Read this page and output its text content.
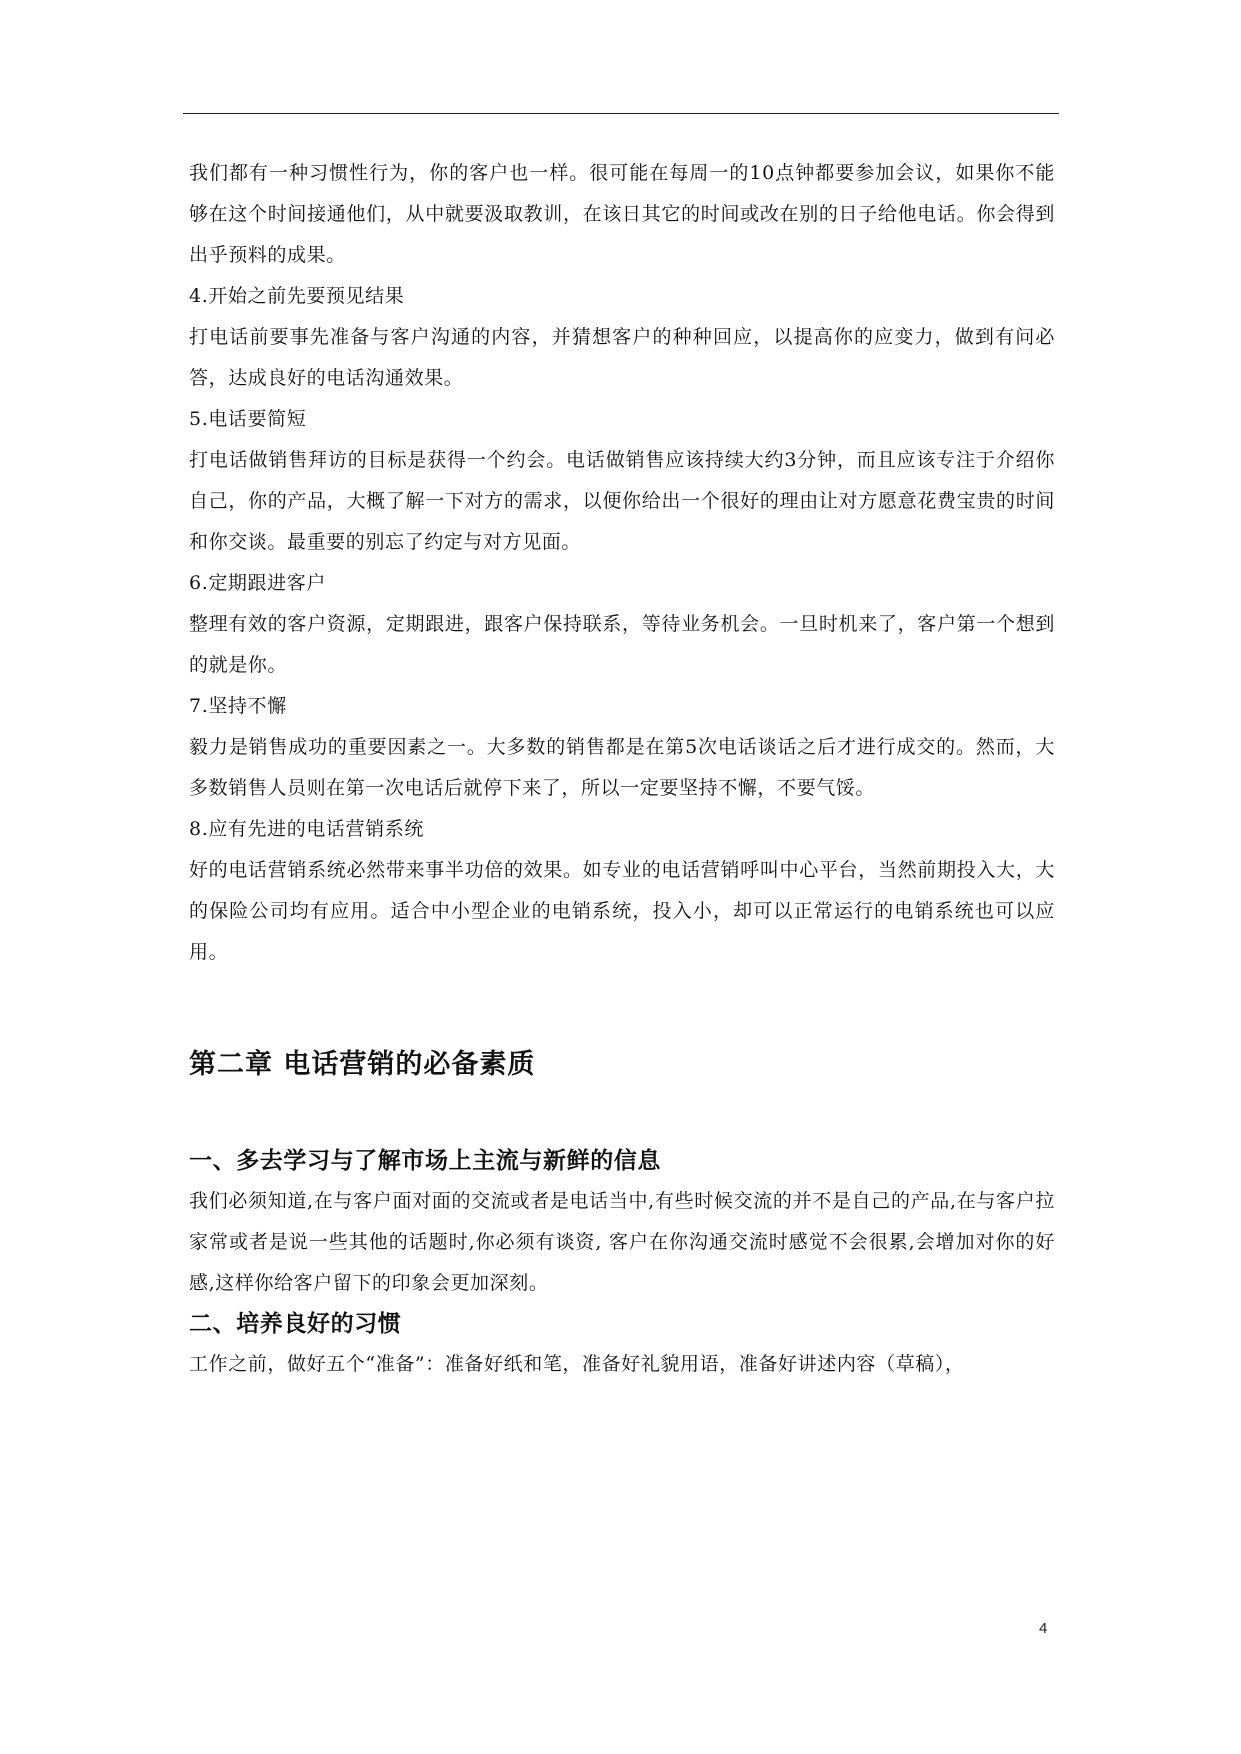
我们都有一种习惯性行为，你的客户也一样。很可能在每周一的10点钟都要参加会议，如果你不能够在这个时间接通他们，从中就要汲取教训，在该日其它的时间或改在别的日子给他电话。你会得到出乎预料的成果。

4.开始之前先要预见结果

打电话前要事先准备与客户沟通的内容，并猜想客户的种种回应，以提高你的应变力，做到有问必答，达成良好的电话沟通效果。

5.电话要简短

打电话做销售拜访的目标是获得一个约会。电话做销售应该持续大约3分钟，而且应该专注于介绍你自己，你的产品，大概了解一下对方的需求，以便你给出一个很好的理由让对方愿意花费宝贵的时间和你交谈。最重要的别忘了约定与对方见面。

6.定期跟进客户

整理有效的客户资源，定期跟进，跟客户保持联系，等待业务机会。一旦时机来了，客户第一个想到的就是你。

7.坚持不懈

毅力是销售成功的重要因素之一。大多数的销售都是在第5次电话谈话之后才进行成交的。然而，大多数销售人员则在第一次电话后就停下来了，所以一定要坚持不懈，不要气馁。

8.应有先进的电话营销系统

好的电话营销系统必然带来事半功倍的效果。如专业的电话营销呼叫中心平台，当然前期投入大，大的保险公司均有应用。适合中小型企业的电销系统，投入小，却可以正常运行的电销系统也可以应用。

第二章 电话营销的必备素质
一、多去学习与了解市场上主流与新鲜的信息

我们必须知道,在与客户面对面的交流或者是电话当中,有些时候交流的并不是自己的产品,在与客户拉家常或者是说一些其他的话题时,你必须有谈资, 客户在你沟通交流时感觉不会很累,会增加对你的好感,这样你给客户留下的印象会更加深刻。

二、培养良好的习惯

工作之前，做好五个“准备”：准备好纸和笔，准备好礼貌用语，准备好讲述内容（草稿），

4
